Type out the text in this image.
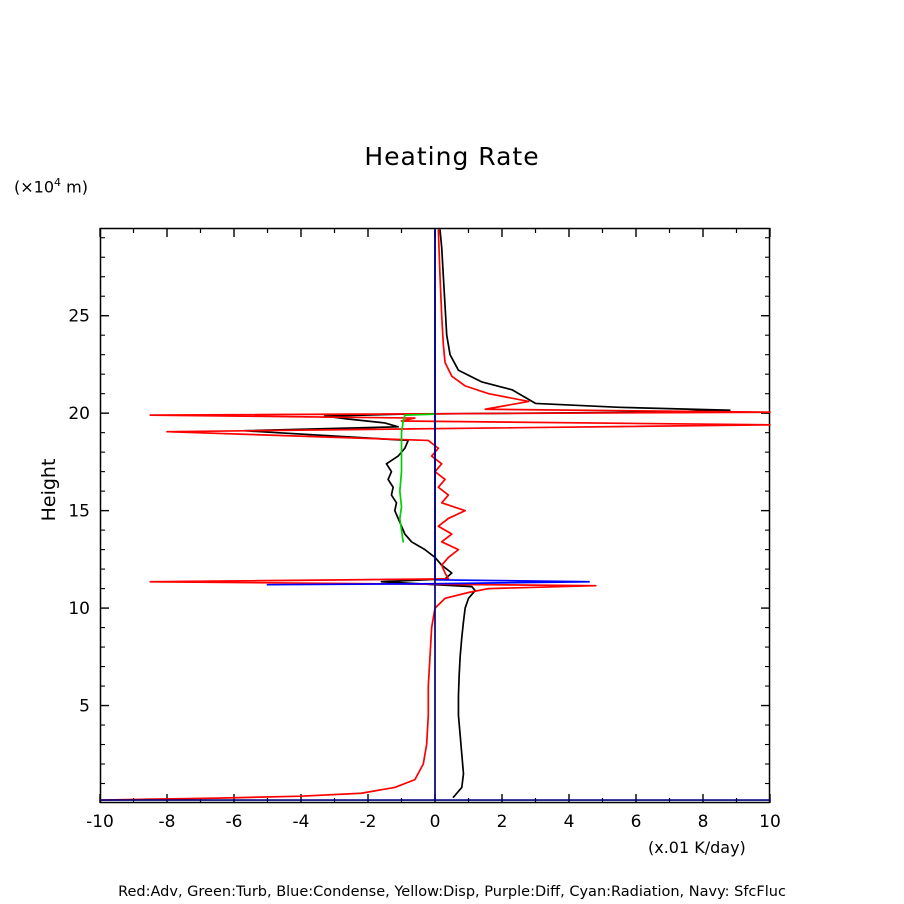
Heating Rate
($\times 10^4$ m)
Height
(x.01 K/day)
-10	-8	-6	-4	-2	0	2	4	6	8	10
5
10
15
20
25
Red:Adv, Green:Turb, Blue:Condense, Yellow:Disp, Purple:Diff, Cyan:Radiation, Navy: SfcFluc
